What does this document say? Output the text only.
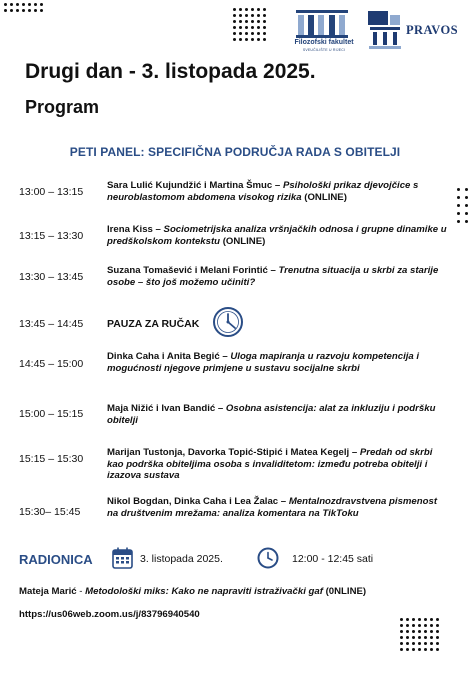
Filozofski fakultet
SVEUČILIŠTE U RIJECI
PRAVOS
Drugi dan - 3. listopada 2025.
Program
PETI PANEL: SPECIFIČNA PODRUČJA RADA S OBITELJI
13:00 – 13:15
Sara Lulić Kujundžić i Martina Šmuc – Psihološki prikaz djevojčice s neuroblastomom abdomena visokog rizika (ONLINE)
13:15 – 13:30
Irena Kiss – Sociometrijska analiza vršnjačkih odnosa i grupne dinamike u predškolskom kontekstu (ONLINE)
13:30 – 13:45
Suzana Tomašević i Melani Forintić – Trenutna situacija u skrbi za starije osobe – što još možemo učiniti?
13:45 – 14:45 PAUZA ZA RUČAK
14:45 – 15:00
Dinka Caha i Anita Begić – Uloga mapiranja u razvoju kompetencija i mogućnosti njegove primjene u sustavu socijalne skrbi
15:00 – 15:15 Maja Nižić i Ivan Bandić – Osobna asistencija: alat za inkluziju i podršku obitelji
15:15 – 15:30
Marijan Tustonja, Davorka Topić-Stipić i Matea Kegelj – Predah od skrbi kao podrška obiteljima osoba s invaliditetom: između potreba obitelji i izazova sustava
15:30– 15:45
Nikol Bogdan, Dinka Caha i Lea Žalac – Mentalnozdravstvena pismenost na društvenim mrežama: analiza komentara na TikToku
RADIONICA	3. listopada 2025.	12:00 - 12:45 sati
Mateja Marić - Metodološki miks: Kako ne napraviti istraživački gaf (0NLINE)
https://us06web.zoom.us/j/83796940540
